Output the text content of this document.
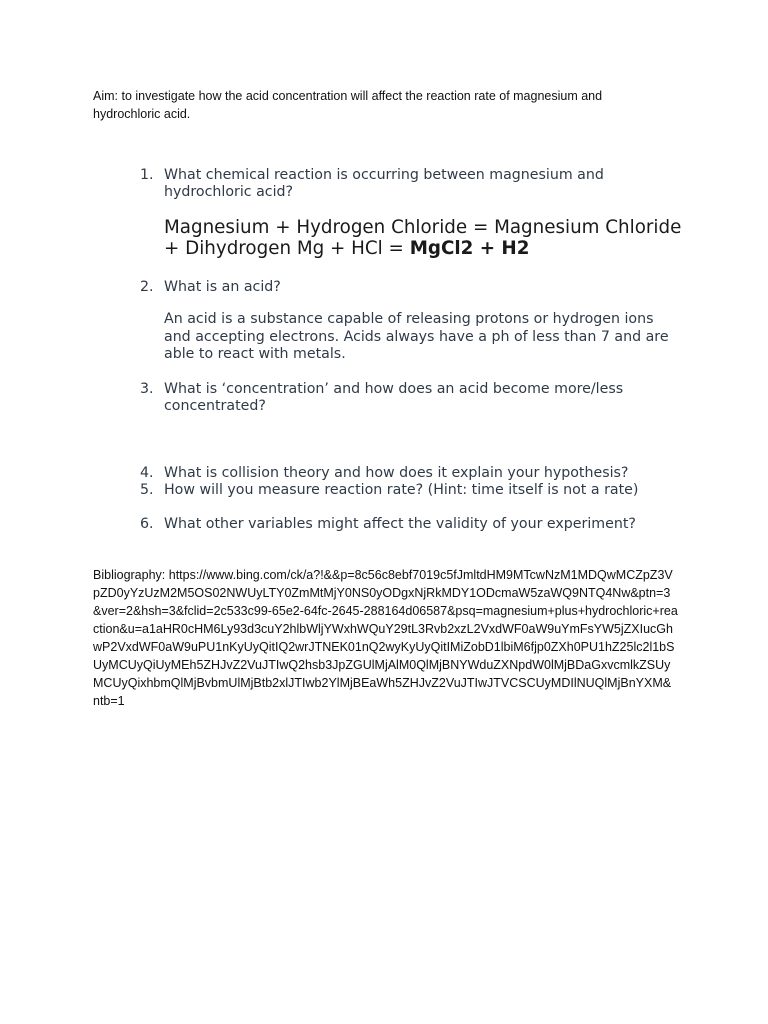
Aim: to investigate how the acid concentration will affect the reaction rate of magnesium and hydrochloric acid.

1. What chemical reaction is occurring between magnesium and hydrochloric acid?
2. What is an acid?
3. What is ‘concentration’ and how does an acid become more/less concentrated?
4. What is collision theory and how does it explain your hypothesis?
5. How will you measure reaction rate? (Hint: time itself is not a rate)
6. What other variables might affect the validity of your experiment?

Magnesium + Hydrogen Chloride = Magnesium Chloride + Dihydrogen Mg + HCl = MgCl2 + H2

An acid is a substance capable of releasing protons or hydrogen ions and accepting electrons. Acids always have a ph of less than 7 and are able to react with metals.

Bibliography: https://www.bing.com/ck/a?!&&p=8c56c8ebf7019c5fJmltdHM9MTcwNzM1MDQwMCZpZ3VpZD0yYzUzM2M5OS02NWUyLTY0ZmMtMjY0NS0yODgxNjRkMDY1ODcmaW5zaWQ9NTQ4Nw&ptn=3&ver=2&hsh=3&fclid=2c533c99-65e2-64fc-2645-288164d06587&psq=magnesium+plus+hydrochloric+reaction&u=a1aHR0cHM6Ly93d3cuY2hlbWljYWxhWQuY29tL3Rvb2xzL2VxdWF0aW9uYmFsYW5jZXIucGhwP2VxdWF0aW9uPU1nKyUyQitIQ2wrJTNEK01nQ2wyKyUyQitIMiZobD1lbiM6fjp0ZXh0PU1hZ25lc2l1bSUyMCUyQiUyMEh5ZHJvZ2VuJTIwQ2hsb3JpZGUlMjAlM0QlMjBNYWduZXNpdW0lMjBDaGxvcmlkZSUyMCUyQixhbmQlMjBvbmUlMjBtb2xlJTIwb2YlMjBEaWh5ZHJvZ2VuJTIwJTVCSCUyMDIlNUQlMjBnYXM&ntb=1
